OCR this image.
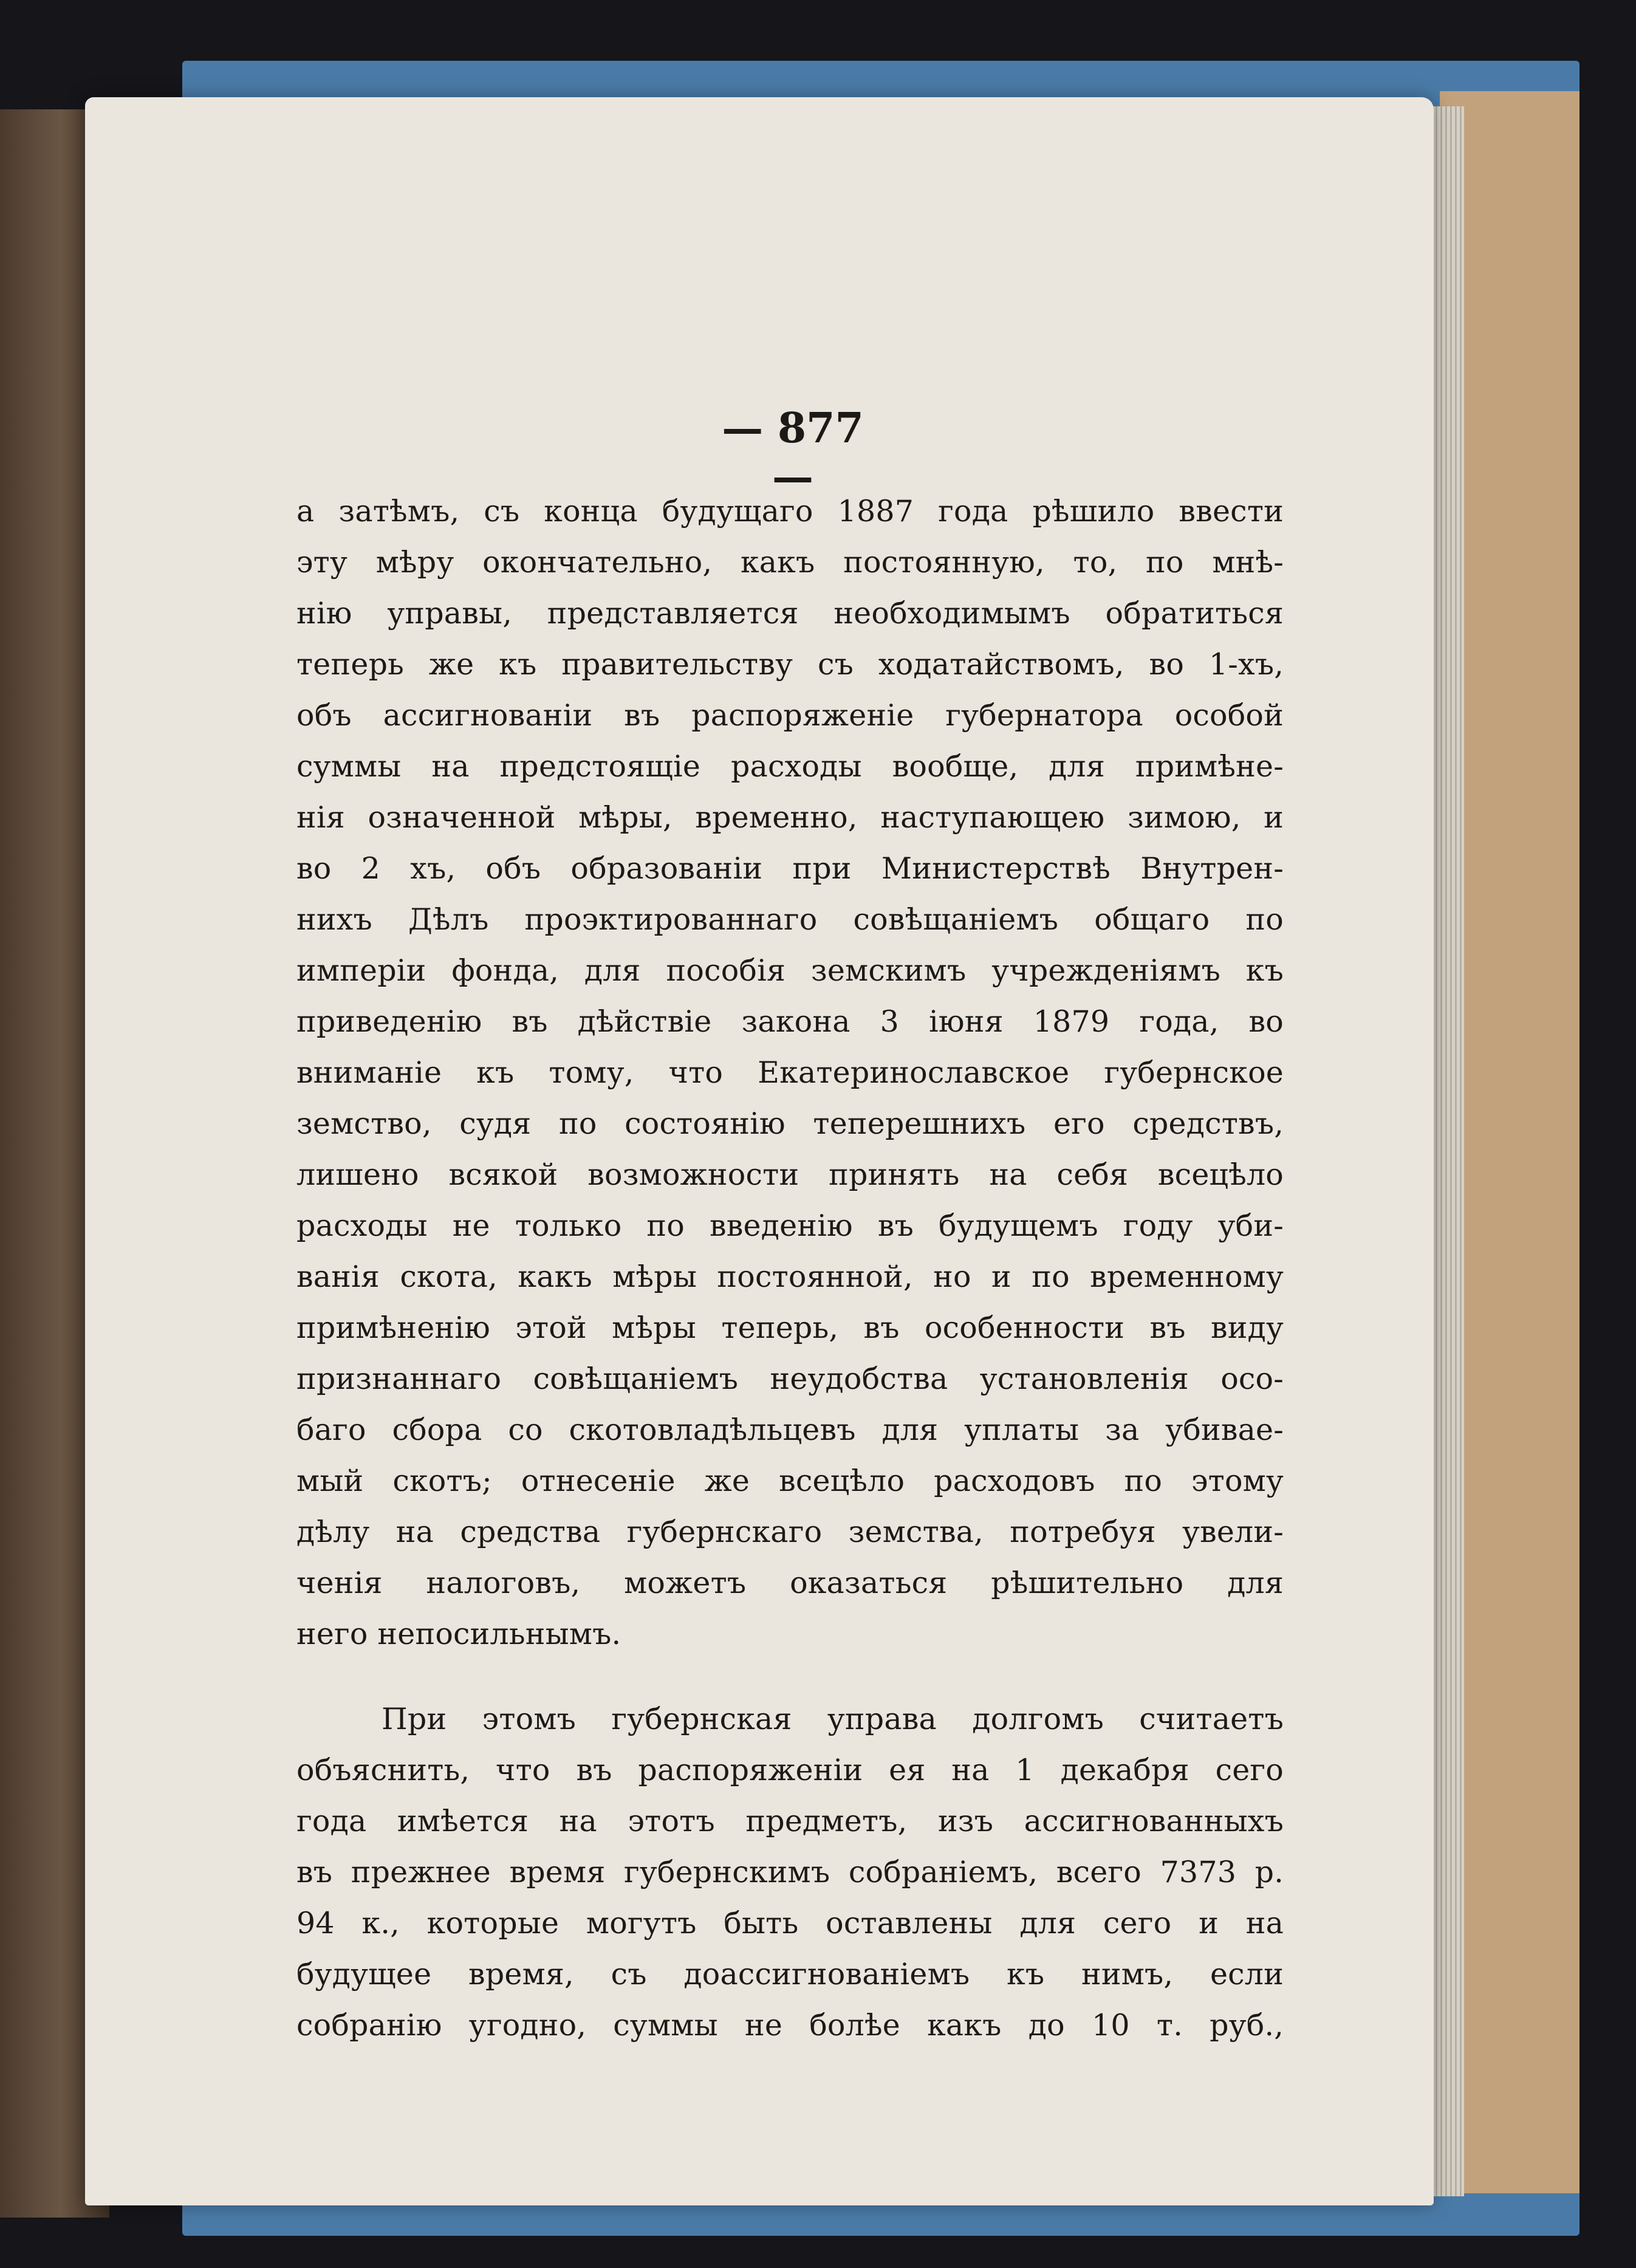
— 877 —
а затѣмъ, съ конца будущаго 1887 года рѣшило ввести
эту мѣру окончательно, какъ постоянную, то, по мнѣ-
нію управы, представляется необходимымъ обратиться
теперь же къ правительству съ ходатайствомъ, во 1-хъ,
объ ассигнованіи въ распоряженіе губернатора особой
суммы на предстоящіе расходы вообще, для примѣне-
нія означенной мѣры, временно, наступающею зимою, и
во 2 хъ, объ образованіи при Министерствѣ Внутрен-
нихъ Дѣлъ проэктированнаго совѣщаніемъ общаго по
имперіи фонда, для пособія земскимъ учрежденіямъ къ
приведенію въ дѣйствіе закона 3 іюня 1879 года, во
вниманіе къ тому, что Екатеринославское губернское
земство, судя по состоянію теперешнихъ его средствъ,
лишено всякой возможности принять на себя всецѣло
расходы не только по введенію въ будущемъ году уби-
ванія скота, какъ мѣры постоянной, но и по временному
примѣненію этой мѣры теперь, въ особенности въ виду
признаннаго совѣщаніемъ неудобства установленія осо-
баго сбора со скотовладѣльцевъ для уплаты за убивае-
мый скотъ; отнесеніе же всецѣло расходовъ по этому
дѣлу на средства губернскаго земства, потребуя увели-
ченія налоговъ, можетъ оказаться рѣшительно для
него непосильнымъ.
При этомъ губернская управа долгомъ считаетъ
объяснить, что въ распоряженіи ея на 1 декабря сего
года имѣется на этотъ предметъ, изъ ассигнованныхъ
въ прежнее время губернскимъ собраніемъ, всего 7373 р.
94 к., которые могутъ быть оставлены для сего и на
будущее время, съ доассигнованіемъ къ нимъ, если
собранію угодно, суммы не болѣе какъ до 10 т. руб.,
